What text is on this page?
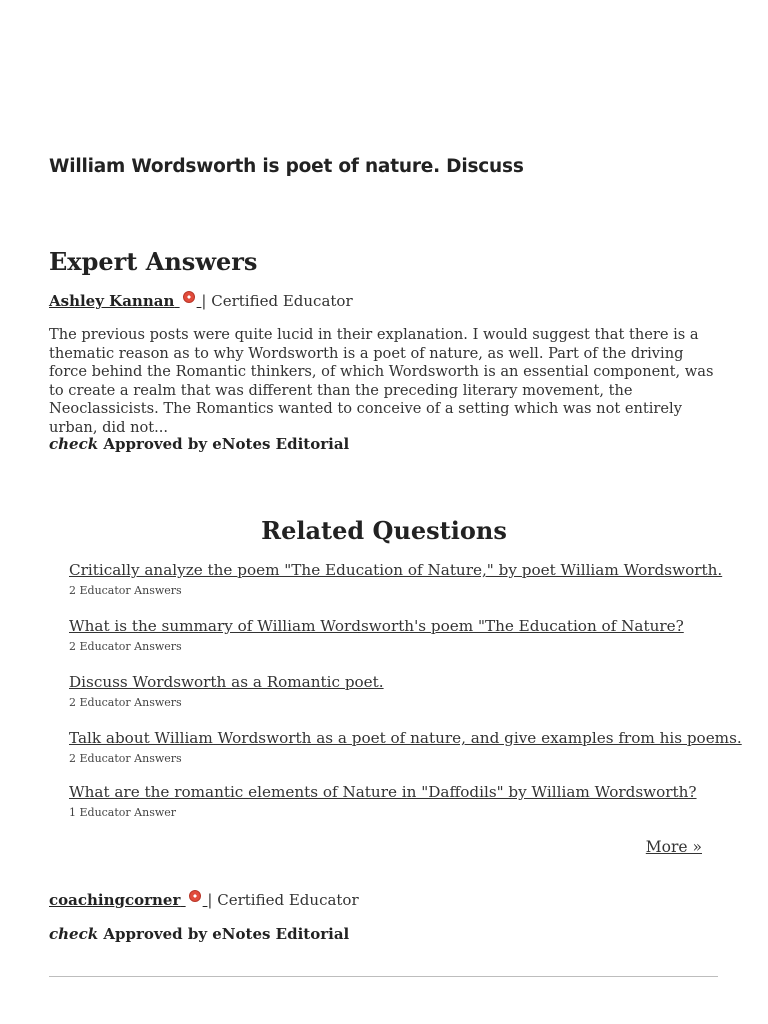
William Wordsworth is poet of nature. Discuss
Expert Answers
Ashley Kannan | Certified Educator

The previous posts were quite lucid in their explanation. I would suggest that there is a thematic reason as to why Wordsworth is a poet of nature, as well. Part of the driving force behind the Romantic thinkers, of which Wordsworth is an essential component, was to create a realm that was different than the preceding literary movement, the Neoclassicists. The Romantics wanted to conceive of a setting which was not entirely urban, did not...

check Approved by eNotes Editorial
Related Questions
Critically analyze the poem "The Education of Nature," by poet William Wordsworth.
2 Educator Answers
What is the summary of William Wordsworth's poem "The Education of Nature?
2 Educator Answers
Discuss Wordsworth as a Romantic poet.
2 Educator Answers
Talk about William Wordsworth as a poet of nature, and give examples from his poems.
2 Educator Answers
What are the romantic elements of Nature in "Daffodils" by William Wordsworth?
1 Educator Answer
More »
coachingcorner | Certified Educator
check Approved by eNotes Editorial
